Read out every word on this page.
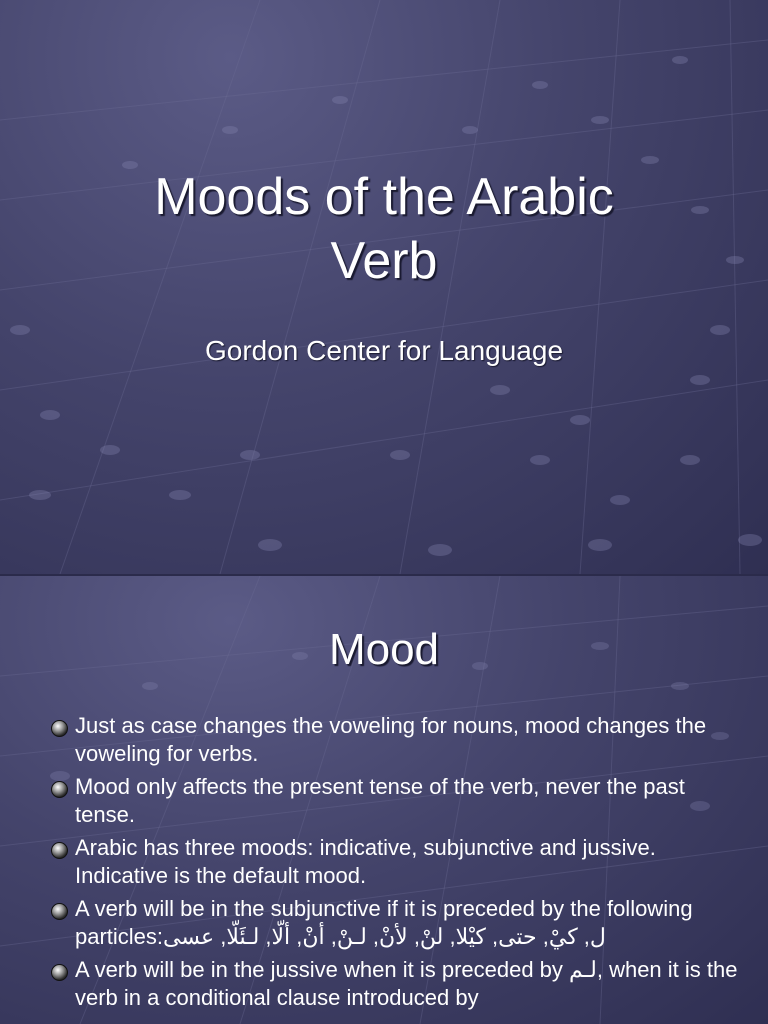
Moods of the Arabic
Verb
Gordon Center for Language
Mood
Just as case changes the voweling for nouns, mood changes the voweling for verbs.
Mood only affects the present tense of the verb, never the past tense.
Arabic has three moods: indicative, subjunctive and jussive. Indicative is the default mood.
A verb will be in the subjunctive if it is preceded by the following particles:ل, كيْ, حتى, كيْلا, لنْ, لأنْ, لـنْ, أنْ, ألّا, لـئَلّا, عسى
A verb will be in the jussive when it is preceded by لـم, when it is the verb in a conditional clause introduced by
